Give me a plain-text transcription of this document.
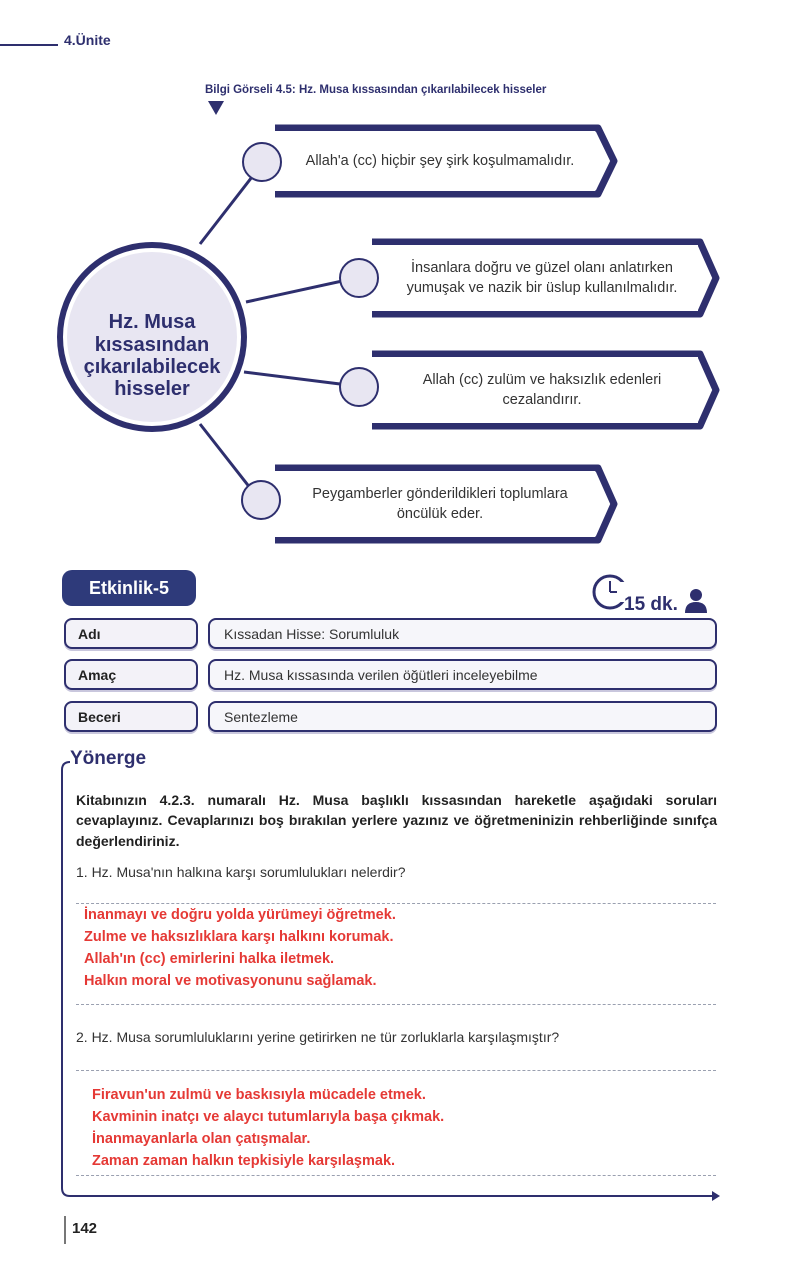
4.Ünite
Bilgi Görseli 4.5: Hz. Musa kıssasından çıkarılabilecek hisseler
Hz. Musa kıssasından çıkarılabilecek hisseler
Allah'a (cc) hiçbir şey şirk koşulmamalıdır.
İnsanlara doğru ve güzel olanı anlatırken yumuşak ve nazik bir üslup kullanılmalıdır.
Allah (cc) zulüm ve haksızlık edenleri cezalandırır.
Peygamberler gönderildikleri toplumlara öncülük eder.
Etkinlik-5
15 dk.
Adı	Kıssadan Hisse: Sorumluluk
Amaç	Hz. Musa kıssasında verilen öğütleri inceleyebilme
Beceri	Sentezleme
Yönerge
Kitabınızın 4.2.3. numaralı Hz. Musa başlıklı kıssasından hareketle aşağıdaki soruları cevaplayınız. Cevaplarınızı boş bırakılan yerlere yazınız ve öğretmeninizin rehberliğinde sınıfça değerlendiriniz.
1. Hz. Musa'nın halkına karşı sorumlulukları nelerdir?
İnanmayı ve doğru yolda yürümeyi öğretmek.
Zulme ve haksızlıklara karşı halkını korumak.
Allah'ın (cc) emirlerini halka iletmek.
Halkın moral ve motivasyonunu sağlamak.
2. Hz. Musa sorumluluklarını yerine getirirken ne tür zorluklarla karşılaşmıştır?
Firavun'un zulmü ve baskısıyla mücadele etmek.
Kavminin inatçı ve alaycı tutumlarıyla başa çıkmak.
İnanmayanlarla olan çatışmalar.
Zaman zaman halkın tepkisiyle karşılaşmak.
142
